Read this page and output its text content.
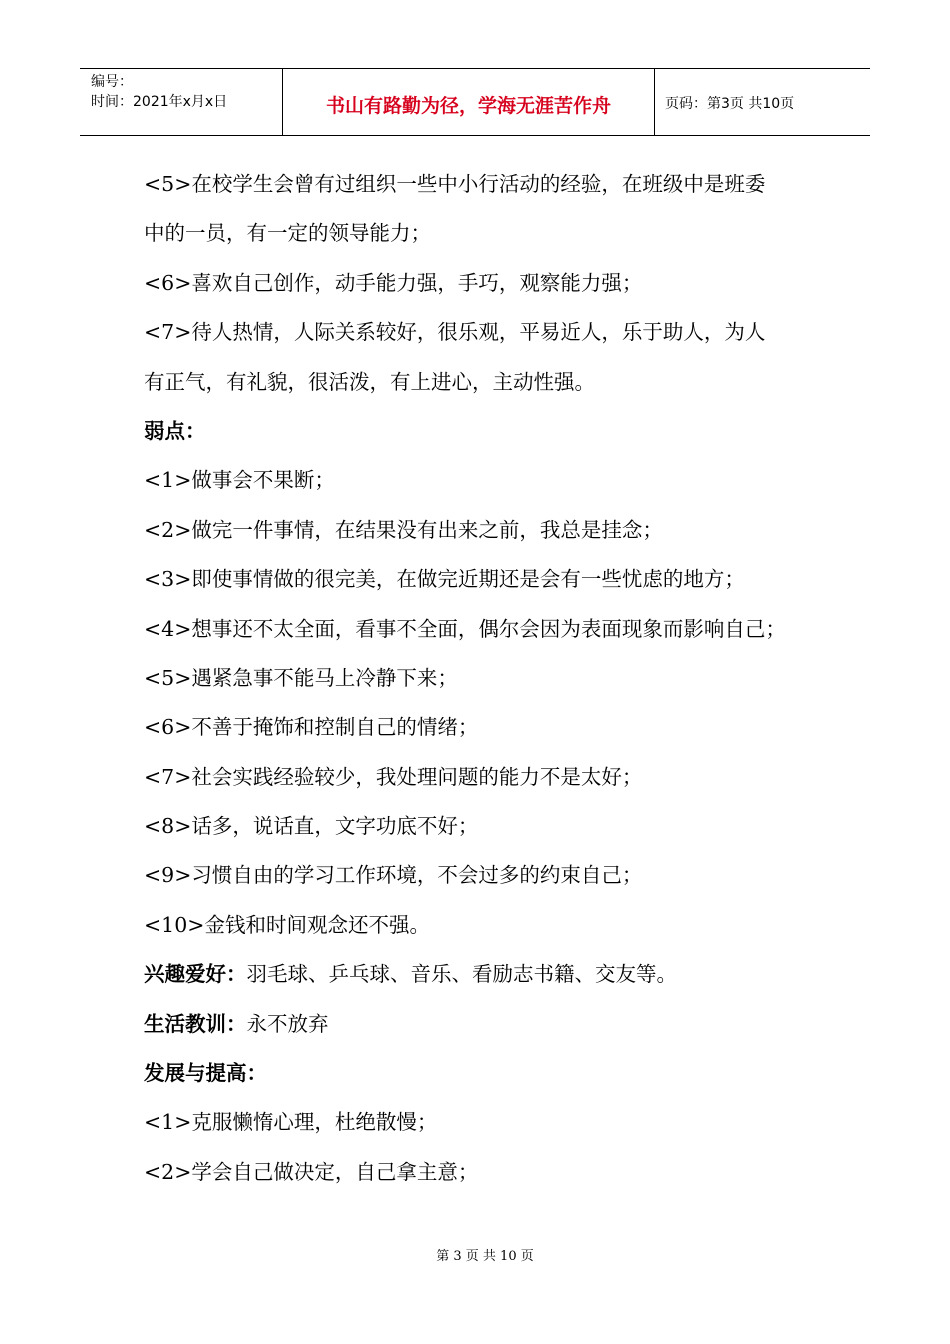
编号：
时间：2021年x月x日	书山有路勤为径，学海无涯苦作舟	页码：第3页 共10页
<5>在校学生会曾有过组织一些中小行活动的经验，在班级中是班委
中的一员，有一定的领导能力；
<6>喜欢自己创作，动手能力强，手巧，观察能力强；
<7>待人热情，人际关系较好，很乐观，平易近人，乐于助人，为人
有正气，有礼貌，很活泼，有上进心，主动性强。
弱点：
<1>做事会不果断；
<2>做完一件事情，在结果没有出来之前，我总是挂念；
<3>即使事情做的很完美，在做完近期还是会有一些忧虑的地方；
<4>想事还不太全面，看事不全面，偶尔会因为表面现象而影响自己；
<5>遇紧急事不能马上冷静下来；
<6>不善于掩饰和控制自己的情绪；
<7>社会实践经验较少，我处理问题的能力不是太好；
<8>话多，说话直，文字功底不好；
<9>习惯自由的学习工作环境，不会过多的约束自己；
<10>金钱和时间观念还不强。
兴趣爱好：羽毛球、乒乓球、音乐、看励志书籍、交友等。
生活教训：永不放弃
发展与提高：
<1>克服懒惰心理，杜绝散慢；
<2>学会自己做决定，自己拿主意；
第 3 页 共 10 页
